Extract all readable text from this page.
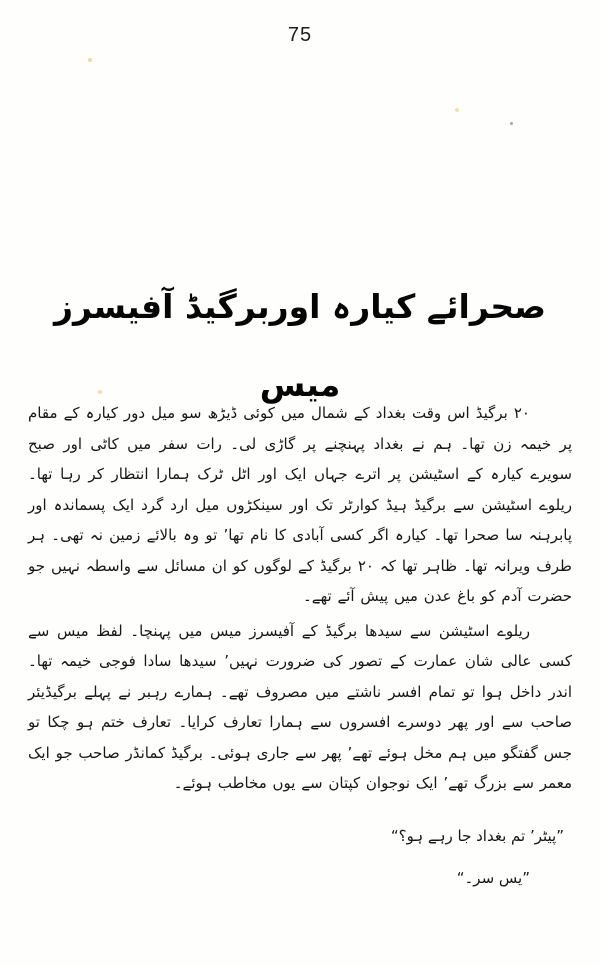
75
صحرائے کیارہ اوربرگیڈ آفیسرز میس

۲۰ برگیڈ اس وقت بغداد کے شمال میں کوئی ڈیڑھ سو میل دور کیارہ کے مقام پر خیمہ زن تھا۔ ہم نے بغداد پہنچنے پر گاڑی لی۔ رات سفر میں کاٹی اور صبح سویرے کیارہ کے اسٹیشن پر اترے جہاں ایک اور اٹل ٹرک ہمارا انتظار کر رہا تھا۔ ریلوے اسٹیشن سے برگیڈ ہیڈ کوارٹر تک اور سینکڑوں میل ارد گرد ایک پسماندہ اور پابرہنہ سا صحرا تھا۔ کیارہ اگر کسی آبادی کا نام تھا’ تو وہ بالائے زمین نہ تھی۔ ہر طرف ویرانہ تھا۔ ظاہر تھا کہ ۲۰ برگیڈ کے لوگوں کو ان مسائل سے واسطہ نہیں جو حضرت آدم کو باغ عدن میں پیش آئے تھے۔

ریلوے اسٹیشن سے سیدھا برگیڈ کے آفیسرز میس میں پہنچا۔ لفظ میس سے کسی عالی شان عمارت کے تصور کی ضرورت نہیں’ سیدھا سادا فوجی خیمہ تھا۔ اندر داخل ہوا تو تمام افسر ناشتے میں مصروف تھے۔ ہمارے رہبر نے پہلے برگیڈیئر صاحب سے اور پھر دوسرے افسروں سے ہمارا تعارف کرایا۔ تعارف ختم ہو چکا تو جس گفتگو میں ہم مخل ہوئے تھے’ پھر سے جاری ہوئی۔ برگیڈ کمانڈر صاحب جو ایک معمر سے بزرگ تھے’ ایک نوجوان کپتان سے یوں مخاطب ہوئے۔

”پیٹر’ تم بغداد جا رہے ہو؟“
”یس سر۔“
